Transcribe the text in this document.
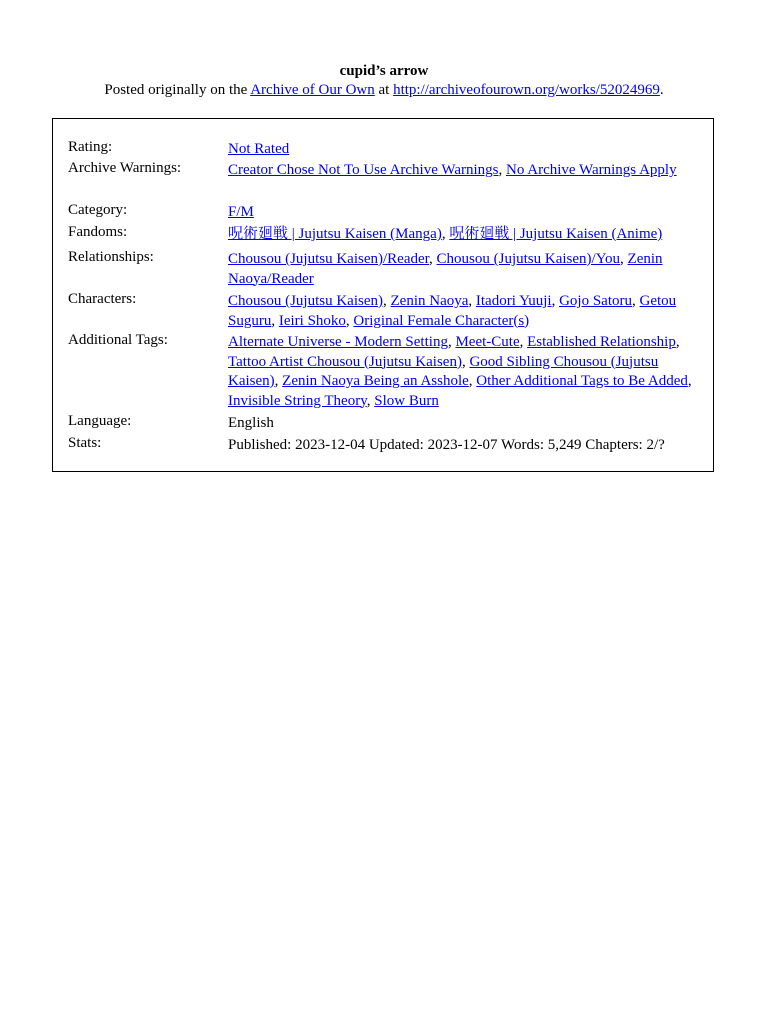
cupid’s arrow
Posted originally on the Archive of Our Own at http://archiveofourown.org/works/52024969.
Rating:	Not Rated
Archive Warnings:	Creator Chose Not To Use Archive Warnings, No Archive Warnings Apply
Category:	F/M
Fandoms:	呪術廻戦 | Jujutsu Kaisen (Manga), 呪術廻戦 | Jujutsu Kaisen (Anime)
Relationships:	Chousou (Jujutsu Kaisen)/Reader, Chousou (Jujutsu Kaisen)/You, Zenin Naoya/Reader
Characters:	Chousou (Jujutsu Kaisen), Zenin Naoya, Itadori Yuuji, Gojo Satoru, Getou Suguru, Ieiri Shoko, Original Female Character(s)
Additional Tags:	Alternate Universe - Modern Setting, Meet-Cute, Established Relationship, Tattoo Artist Chousou (Jujutsu Kaisen), Good Sibling Chousou (Jujutsu Kaisen), Zenin Naoya Being an Asshole, Other Additional Tags to Be Added, Invisible String Theory, Slow Burn
Language:	English
Stats:	Published: 2023-12-04 Updated: 2023-12-07 Words: 5,249 Chapters: 2/?
